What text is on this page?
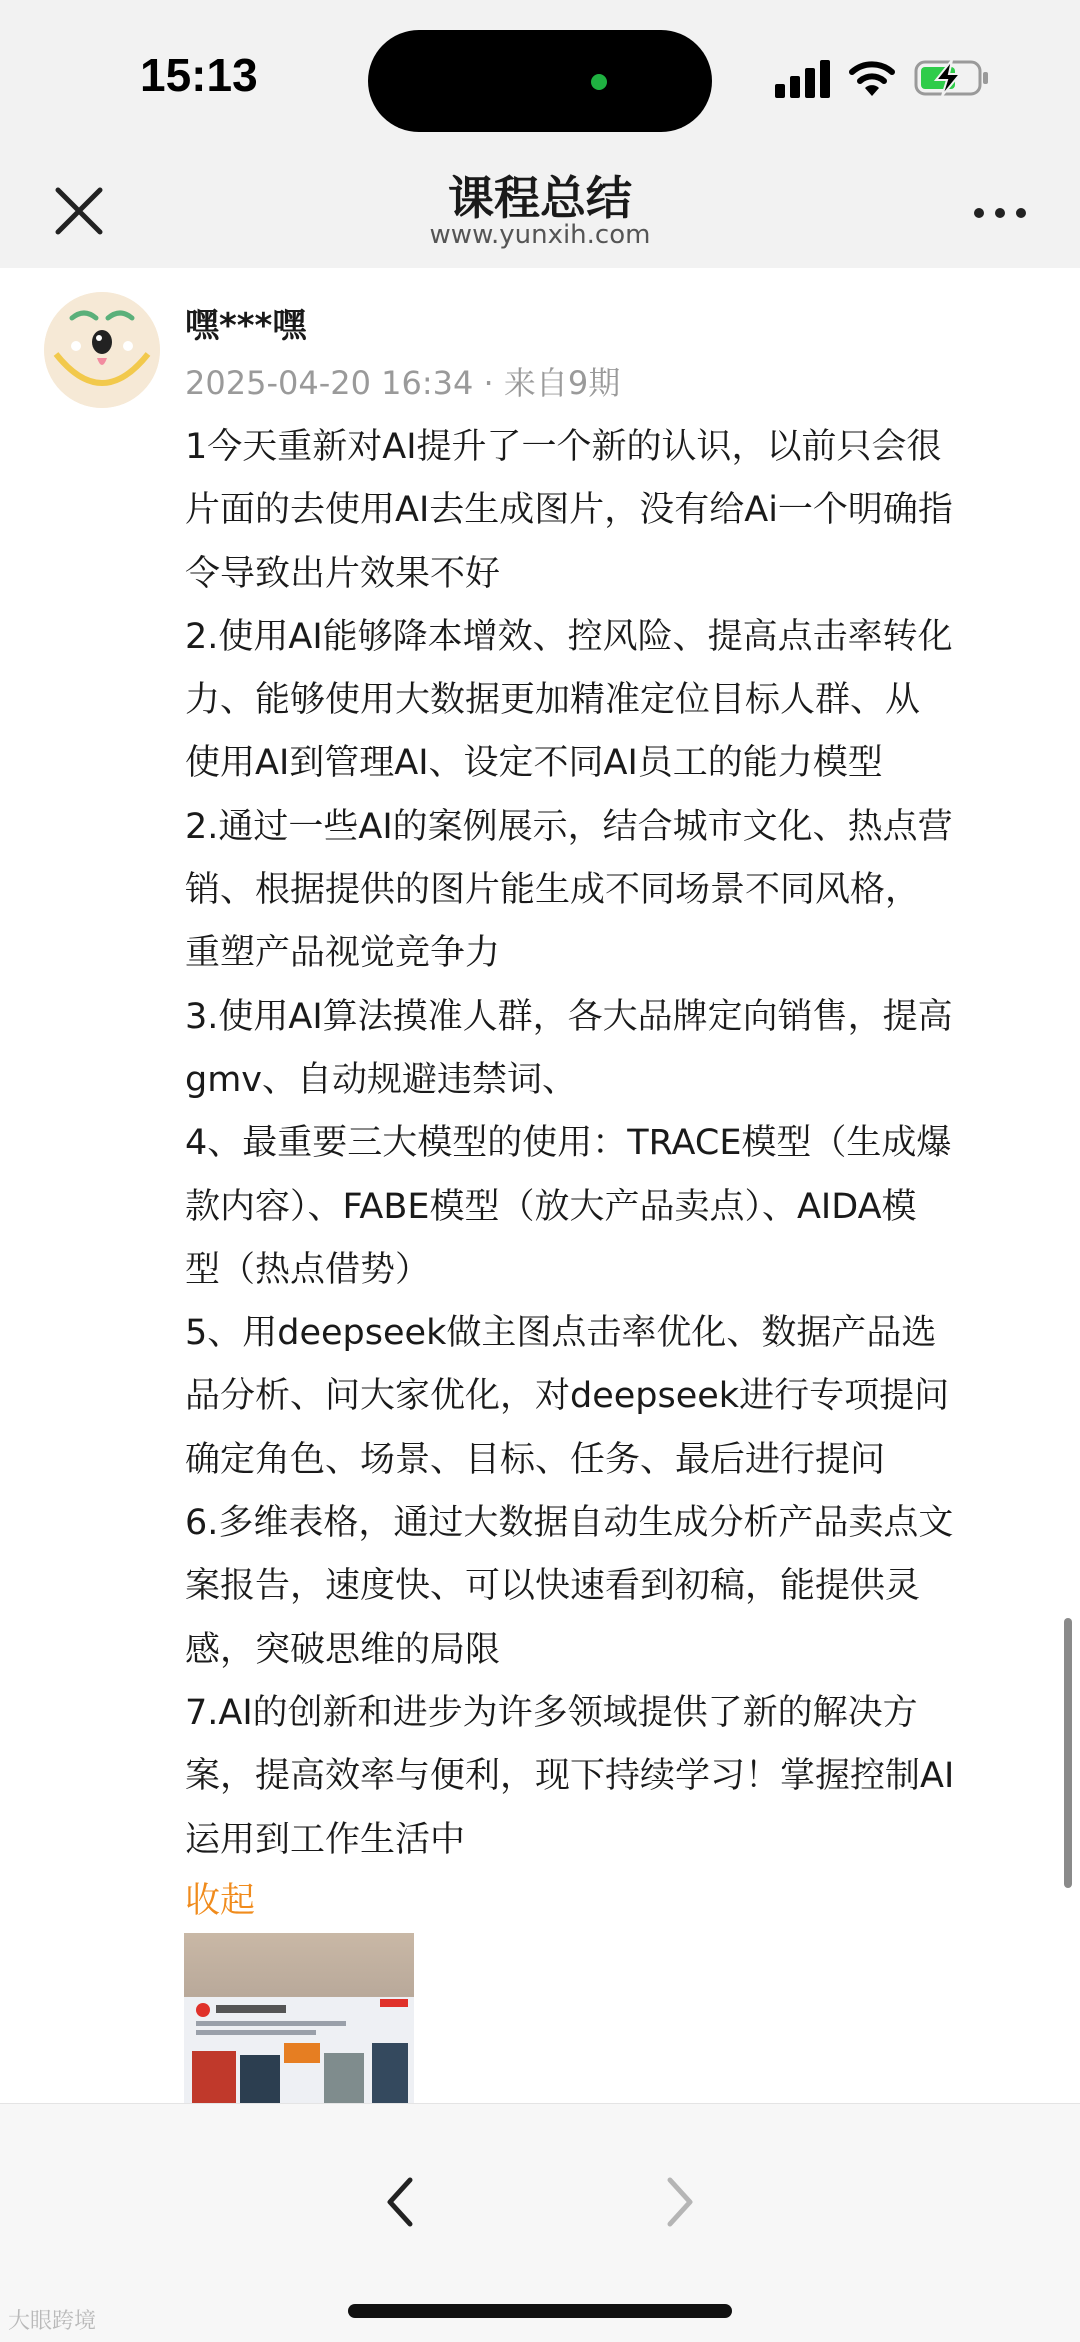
15:13
课程总结
www.yunxih.com
嘿***嘿
2025-04-20 16:34 · 来自9期
1今天重新对AI提升了一个新的认识，以前只会很
片面的去使用AI去生成图片，没有给Ai一个明确指
令导致出片效果不好
2.使用AI能够降本增效、控风险、提高点击率转化
力、能够使用大数据更加精准定位目标人群、从
使用AI到管理AI、设定不同AI员工的能力模型
2.通过一些AI的案例展示，结合城市文化、热点营
销、根据提供的图片能生成不同场景不同风格，
重塑产品视觉竞争力
3.使用AI算法摸准人群，各大品牌定向销售，提高
gmv、自动规避违禁词、
4、最重要三大模型的使用：TRACE模型（生成爆
款内容）、FABE模型（放大产品卖点）、AIDA模
型（热点借势）
5、用deepseek做主图点击率优化、数据产品选
品分析、问大家优化，对deepseek进行专项提问
确定角色、场景、目标、任务、最后进行提问
6.多维表格，通过大数据自动生成分析产品卖点文
案报告，速度快、可以快速看到初稿，能提供灵
感，突破思维的局限
7.AI的创新和进步为许多领域提供了新的解决方
案，提高效率与便利，现下持续学习！掌握控制AI
运用到工作生活中
收起
大眼跨境
